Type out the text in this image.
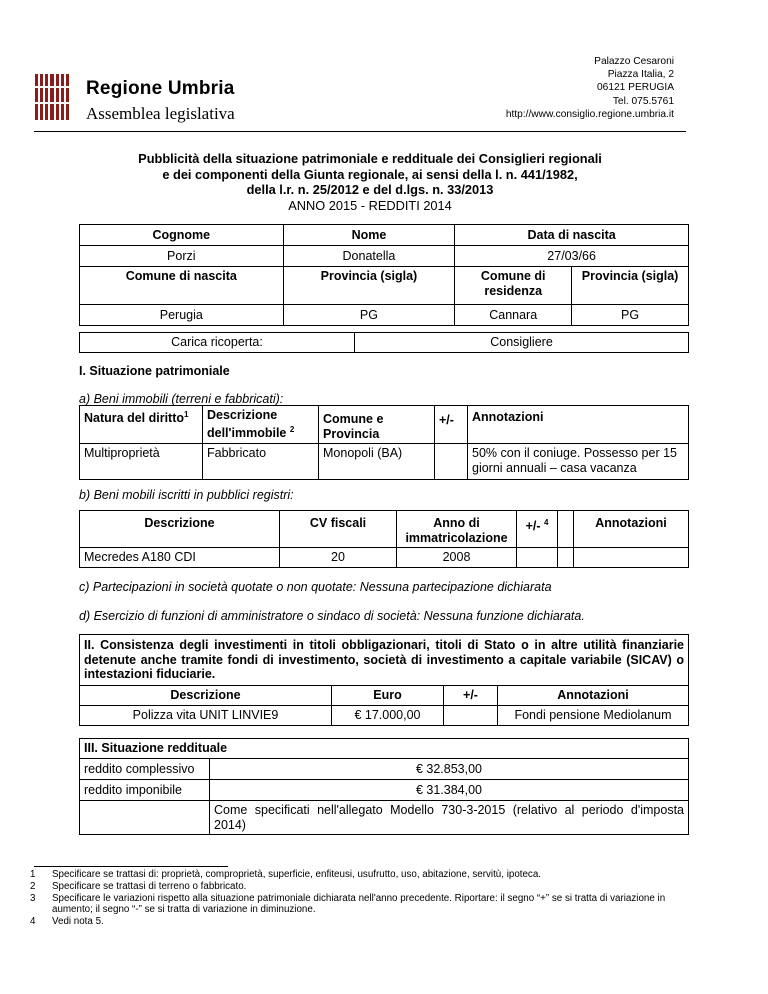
Regione Umbria
Assemblea legislativa
Palazzo Cesaroni
Piazza Italia, 2
06121 PERUGIA
Tel. 075.5761
http://www.consiglio.regione.umbria.it
Pubblicità della situazione patrimoniale e reddituale dei Consiglieri regionali
e dei componenti della Giunta regionale, ai sensi della l. n. 441/1982,
della l.r. n. 25/2012 e del d.lgs. n. 33/2013
ANNO 2015 - REDDITI 2014
Cognome	Nome	Data di nascita	
Porzi	Donatella	27/03/66	
Comune di nascita	Provincia (sigla)	Comune di residenza	Provincia (sigla)
Perugia	PG	Cannara	PG
Carica ricoperta:	Consigliere
I. Situazione patrimoniale
a) Beni immobili (terreni e fabbricati):
Natura del diritto$^1$	Descrizione dell'immobile $^2$	Comune e Provincia	+/-	Annotazioni
Multiproprietà	Fabbricato	Monopoli (BA)		50% con il coniuge. Possesso per 15 giorni annuali – casa vacanza
b) Beni mobili iscritti in pubblici registri:
Descrizione	CV fiscali	Anno di immatricolazione	+/- $^4$		Annotazioni
Mecredes A180 CDI	20	2008			
c) Partecipazioni in società quotate o non quotate: Nessuna partecipazione dichiarata
d) Esercizio di funzioni di amministratore o sindaco di società: Nessuna funzione dichiarata.
II. Consistenza degli investimenti in titoli obbligazionari, titoli di Stato o in altre utilità finanziarie detenute anche tramite fondi di investimento, società di investimento a capitale variabile (SICAV) o intestazioni fiduciarie.			
Descrizione	Euro	+/-	Annotazioni
Polizza vita UNIT LINVIE9	€ 17.000,00		Fondi pensione Mediolanum
III. Situazione reddituale	
reddito complessivo	€ 32.853,00
reddito imponibile	€ 31.384,00
	Come specificati nell'allegato Modello 730-3-2015 (relativo al periodo d'imposta 2014)
1	Specificare se trattasi di: proprietà, comproprietà, superficie, enfiteusi, usufrutto, uso, abitazione, servitù, ipoteca.
2	Specificare se trattasi di terreno o fabbricato.
3	Specificare le variazioni rispetto alla situazione patrimoniale dichiarata nell'anno precedente. Riportare: il segno “+” se si tratta di variazione in aumento; il segno “-” se si tratta di variazione in diminuzione.
4	Vedi nota 5.
